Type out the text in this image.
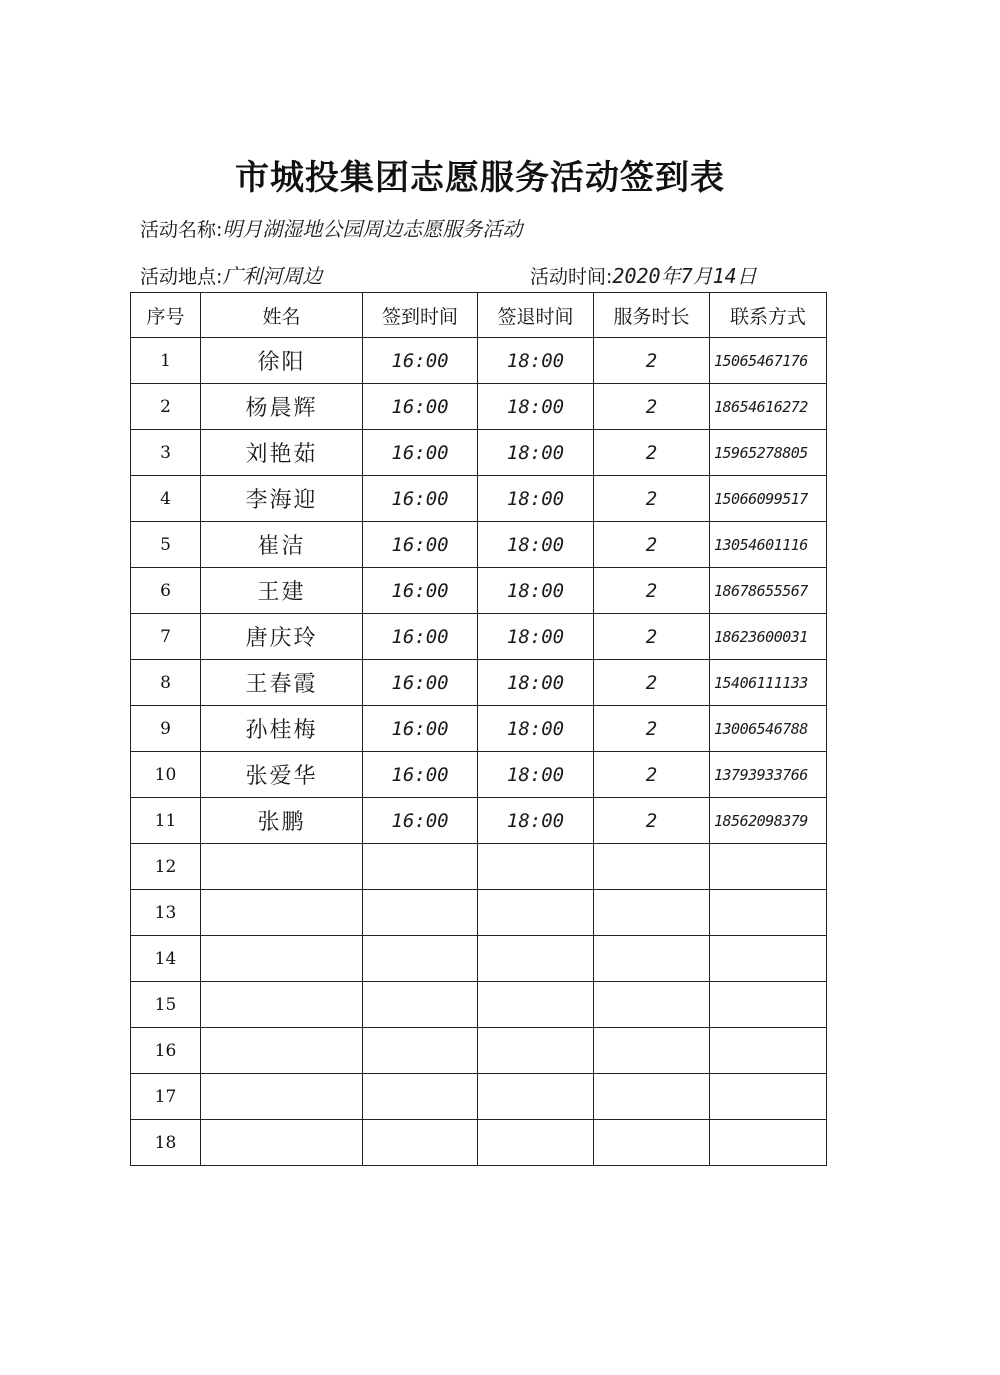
市城投集团志愿服务活动签到表
活动名称:明月湖湿地公园周边志愿服务活动
活动地点:广利河周边	活动时间:2020年7月14日
序号	姓名	签到时间	签退时间	服务时长	联系方式
1	徐阳	16:00	18:00	2	15065467176
2	杨晨辉	16:00	18:00	2	18654616272
3	刘艳茹	16:00	18:00	2	15965278805
4	李海迎	16:00	18:00	2	15066099517
5	崔洁	16:00	18:00	2	13054601116
6	王建	16:00	18:00	2	18678655567
7	唐庆玲	16:00	18:00	2	18623600031
8	王春霞	16:00	18:00	2	15406111133
9	孙桂梅	16:00	18:00	2	13006546788
10	张爱华	16:00	18:00	2	13793933766
11	张鹏	16:00	18:00	2	18562098379
12					
13					
14					
15					
16					
17					
18					
